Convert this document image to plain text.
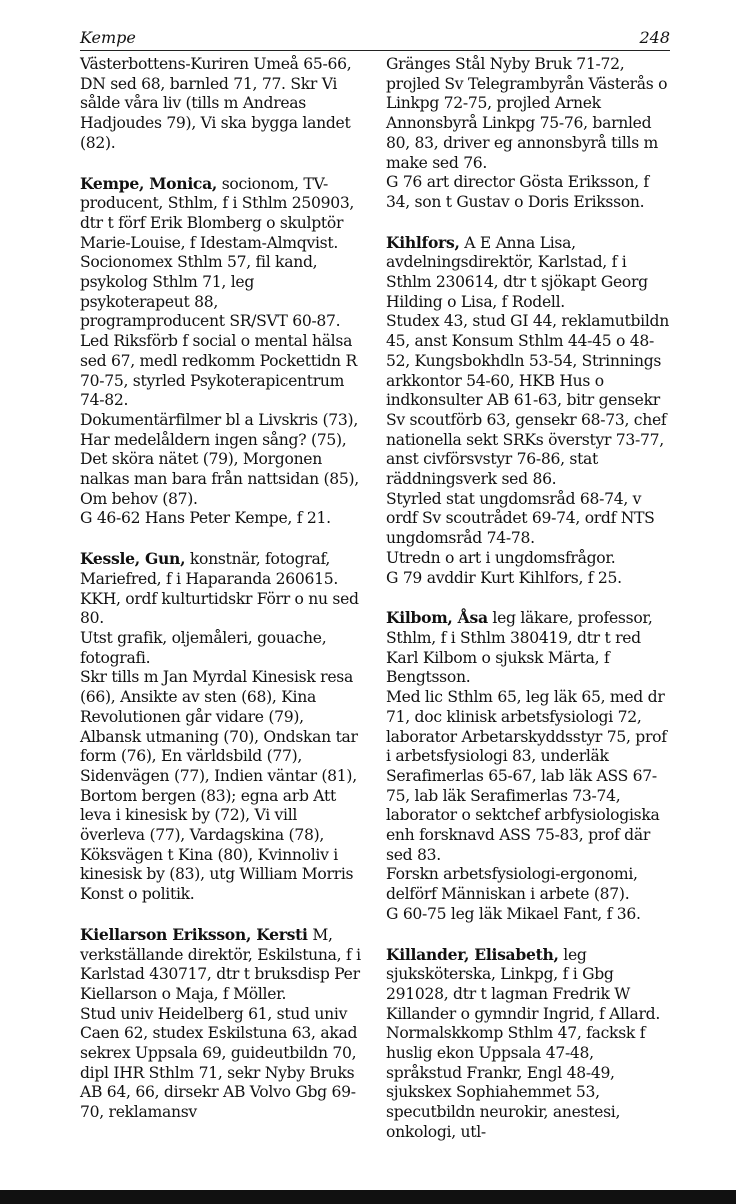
Kempe	248

Västerbottens-Kuriren Umeå 65-66, DN sed 68, barnled 71, 77. Skr Vi sålde våra liv (tills m Andreas Hadjoudes 79), Vi ska bygga landet (82).

Kempe, Monica, socionom, TV-producent, Sthlm, f i Sthlm 250903, dtr t förf Erik Blomberg o skulptör Marie-Louise, f Idestam-Almqvist.

Socionomex Sthlm 57, fil kand, psykolog Sthlm 71, leg psykoterapeut 88, programproducent SR/SVT 60-87.

Led Riksförb f social o mental hälsa sed 67, medl redkomm Pockettidn R 70-75, styrled Psykoterapicentrum 74-82.

Dokumentärfilmer bl a Livskris (73), Har medelåldern ingen sång? (75), Det sköra nätet (79), Morgonen nalkas man bara från nattsidan (85), Om behov (87).

G 46-62 Hans Peter Kempe, f 21.

Kessle, Gun, konstnär, fotograf, Mariefred, f i Haparanda 260615. KKH, ordf kulturtidskr Förr o nu sed 80.

Utst grafik, oljemåleri, gouache, fotografi.

Skr tills m Jan Myrdal Kinesisk resa (66), Ansikte av sten (68), Kina Revolutionen går vidare (79), Albansk utmaning (70), Ondskan tar form (76), En världsbild (77), Sidenvägen (77), Indien väntar (81), Bortom bergen (83); egna arb Att leva i kinesisk by (72), Vi vill överleva (77), Vardagskina (78), Köksvägen t Kina (80), Kvinnoliv i kinesisk by (83), utg William Morris Konst o politik.

Kiellarson Eriksson, Kersti M, verkställande direktör, Eskilstuna, f i Karlstad 430717, dtr t bruksdisp Per Kiellarson o Maja, f Möller.

Stud univ Heidelberg 61, stud univ Caen 62, studex Eskilstuna 63, akad sekrex Uppsala 69, guideutbildn 70, dipl IHR Sthlm 71, sekr Nyby Bruks AB 64, 66, dirsekr AB Volvo Gbg 69-70, reklamansv

Gränges Stål Nyby Bruk 71-72, projled Sv Telegrambyrån Västerås o Linkpg 72-75, projled Arnek Annonsbyrå Linkpg 75-76, barnled 80, 83, driver eg annonsbyrå tills m make sed 76.

G 76 art director Gösta Eriksson, f 34, son t Gustav o Doris Eriksson.

Kihlfors, A E Anna Lisa, avdelningsdirektör, Karlstad, f i Sthlm 230614, dtr t sjökapt Georg Hilding o Lisa, f Rodell.

Studex 43, stud GI 44, reklamutbildn 45, anst Konsum Sthlm 44-45 o 48-52, Kungsbokhdln 53-54, Strinnings arkkontor 54-60, HKB Hus o indkonsulter AB 61-63, bitr gensekr Sv scoutförb 63, gensekr 68-73, chef nationella sekt SRKs överstyr 73-77, anst civförsvstyr 76-86, stat räddningsverk sed 86.

Styrled stat ungdomsråd 68-74, v ordf Sv scoutrådet 69-74, ordf NTS ungdomsråd 74-78.

Utredn o art i ungdomsfrågor.

G 79 avddir Kurt Kihlfors, f 25.

Kilbom, Åsa leg läkare, professor, Sthlm, f i Sthlm 380419, dtr t red Karl Kilbom o sjuksk Märta, f Bengtsson.

Med lic Sthlm 65, leg läk 65, med dr 71, doc klinisk arbetsfysiologi 72, laborator Arbetarskyddsstyr 75, prof i arbetsfysiologi 83, underläk Serafimerlas 65-67, lab läk ASS 67-75, lab läk Serafimerlas 73-74, laborator o sektchef arbfysiologiska enh forsknavd ASS 75-83, prof där sed 83.

Forskn arbetsfysiologi-ergonomi, delförf Människan i arbete (87).

G 60-75 leg läk Mikael Fant, f 36.

Killander, Elisabeth, leg sjuksköterska, Linkpg, f i Gbg 291028, dtr t lagman Fredrik W Killander o gymndir Ingrid, f Allard.

Normalskkomp Sthlm 47, facksk f huslig ekon Uppsala 47-48, språkstud Frankr, Engl 48-49, sjukskex Sophiahemmet 53, specutbildn neurokir, anestesi, onkologi, utl-
